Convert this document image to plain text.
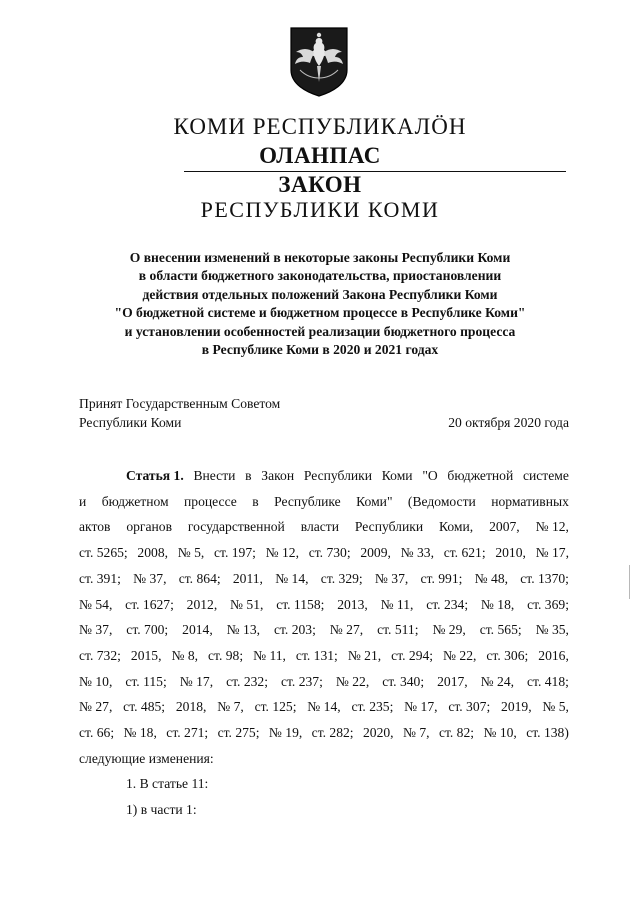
КОМИ РЕСПУБЛИКАЛӦН
ОЛАНПАС
ЗАКОН
РЕСПУБЛИКИ КОМИ
О внесении изменений в некоторые законы Республики Коми
в области бюджетного законодательства, приостановлении
действия отдельных положений Закона Республики Коми
"О бюджетной системе и бюджетном процессе в Республике Коми"
и установлении особенностей реализации бюджетного процесса
в Республике Коми в 2020 и 2021 годах
Принят Государственным Советом
Республики Коми	20 октября 2020 года
Статья 1. Внести в Закон Республики Коми "О бюджетной системе
и бюджетном процессе в Республике Коми" (Ведомости нормативных
актов органов государственной власти Республики Коми, 2007, № 12,
ст. 5265; 2008, № 5, ст. 197; № 12, ст. 730; 2009, № 33, ст. 621; 2010, № 17,
ст. 391; № 37, ст. 864; 2011, № 14, ст. 329; № 37, ст. 991; № 48, ст. 1370;
№ 54, ст. 1627; 2012, № 51, ст. 1158; 2013, № 11, ст. 234; № 18, ст. 369;
№ 37, ст. 700; 2014, № 13, ст. 203; № 27, ст. 511; № 29, ст. 565; № 35,
ст. 732; 2015, № 8, ст. 98; № 11, ст. 131; № 21, ст. 294; № 22, ст. 306; 2016,
№ 10, ст. 115; № 17, ст. 232; ст. 237; № 22, ст. 340; 2017, № 24, ст. 418;
№ 27, ст. 485; 2018, № 7, ст. 125; № 14, ст. 235; № 17, ст. 307; 2019, № 5,
ст. 66; № 18, ст. 271; ст. 275; № 19, ст. 282; 2020, № 7, ст. 82; № 10, ст. 138)
следующие изменения:
1. В статье 11:
1) в части 1:
